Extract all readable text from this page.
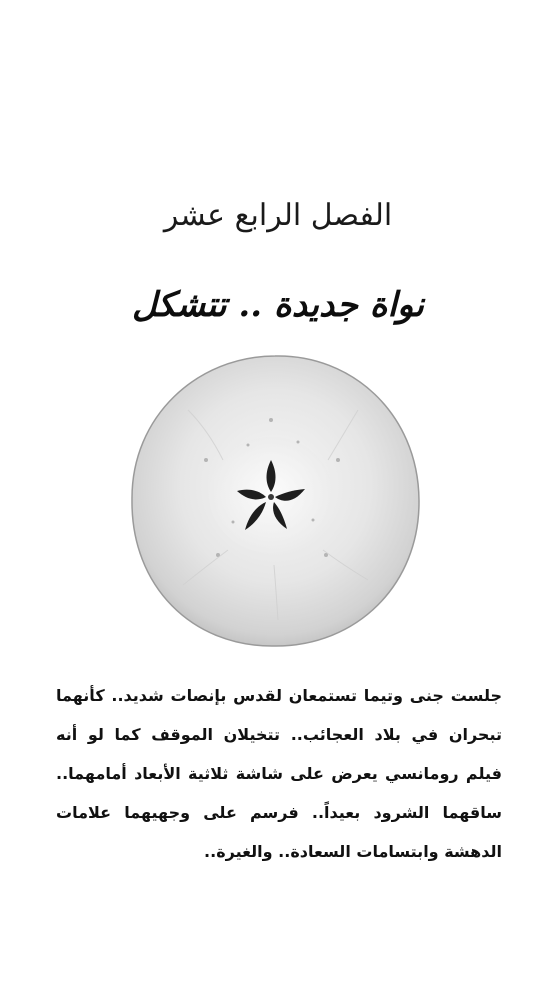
الفصل الرابع عشر
نواة جديدة .. تتشكل

جلست جنى وتيما تستمعان لقدس بإنصات شديد.. كأنهما تبحران في بلاد العجائب.. تتخيلان الموقف كما لو أنه فيلم رومانسي يعرض على شاشة ثلاثية الأبعاد أمامهما.. ساقهما الشرود بعيداً.. فرسم على وجهيهما علامات الدهشة وابتسامات السعادة.. والغيرة..
